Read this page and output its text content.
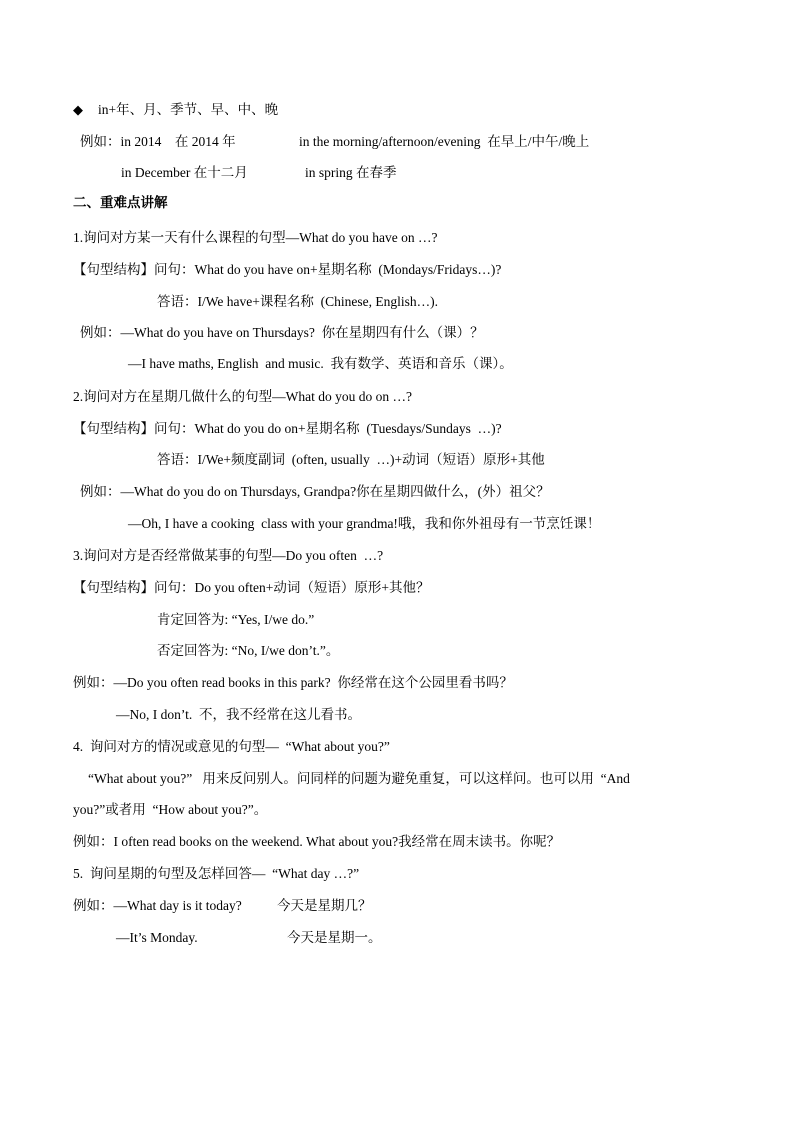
◆ in+年、月、季节、早、中、晚
例如：in 2014    在 2014 年	in the morning/afternoon/evening  在早上/中午/晚上
in December 在十二月	in spring 在春季
二、重难点讲解
1.询问对方某一天有什么课程的句型—What do you have on …?
【句型结构】问句：What do you have on+星期名称  (Mondays/Fridays…)?
答语：I/We have+课程名称  (Chinese, English…).
例如：—What do you have on Thursdays?  你在星期四有什么（课）？
—I have maths, English  and music.  我有数学、英语和音乐（课）。
2.询问对方在星期几做什么的句型—What do you do on …?
【句型结构】问句：What do you do on+星期名称  (Tuesdays/Sundays  …)?
答语：I/We+频度副词  (often, usually  …)+动词（短语）原形+其他
例如：—What do you do on Thursdays, Grandpa?你在星期四做什么，(外）祖父？
—Oh, I have a cooking  class with your grandma!哦，我和你外祖母有一节烹饪课！
3.询问对方是否经常做某事的句型—Do you often  …?
【句型结构】问句：Do you often+动词（短语）原形+其他？
肯定回答为: “Yes, I/we do.”
否定回答为: “No, I/we don’t.”。
例如：—Do you often read books in this park?  你经常在这个公园里看书吗？
—No, I don’t.  不，我不经常在这儿看书。
4.  询问对方的情况或意见的句型—  “What about you?”
“What about you?”   用来反问别人。问同样的问题为避免重复，可以这样问。也可以用  “And
you?”或者用  “How about you?”。
例如：I often read books on the weekend. What about you?我经常在周末读书。你呢？
5.  询问星期的句型及怎样回答—  “What day …?”
例如：—What day is it today?	今天是星期几？
—It’s Monday.	今天是星期一。
